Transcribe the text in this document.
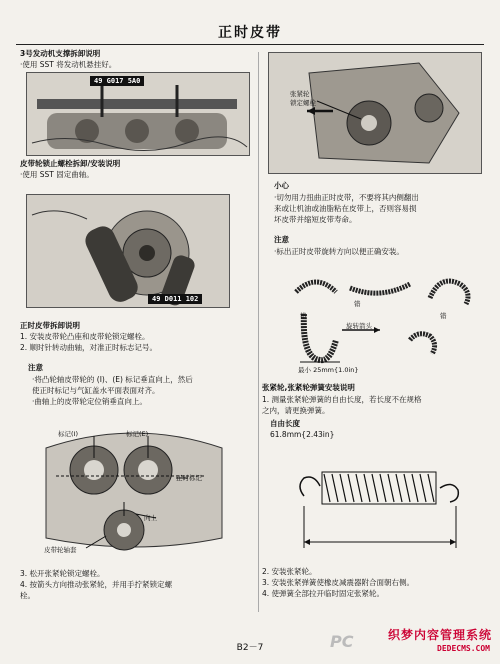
正时皮带
3号发动机支撑拆卸说明
·使用 SST 将发动机悬挂好。
49 G017 5A0
皮带轮锁止螺栓拆卸/安装说明
·使用 SST 固定曲轴。
49 D011 102
正时皮带拆卸说明
1. 安装皮带轮凸座和皮带轮锁定螺栓。
2. 顺时针转动曲轴，对准正时标志记号。
注意
·将凸轮轴皮带轮的 (I)、(E) 标记垂直向上，然后
使正时标记与气缸盖水平面表面对齐。
·曲轴上的皮带轮定位销垂直向上。
标记(I)	标记(E)
正时标记
向上
皮带轮轴套
3. 松开张紧轮锁定螺栓。
4. 按箭头方向推动张紧轮，并用手拧紧锁定螺
栓。
张紧轮
锁定螺栓
小心
·切勿用力扭曲正时皮带，不要将其内侧翻出
来或让机油或油脂粘在皮带上，否则容易损
坏皮带并缩短皮带寿命。
注意
·标出正时皮带旋转方向以便正确安装。
错
错
错
旋转箭头
最小 25mm{1.0in}
张紧轮,张紧轮弹簧安装说明
1. 测量张紧轮弹簧的自由长度，若长度不在规格
之内，请更换弹簧。
自由长度
61.8mm{2.43in}
2. 安装张紧轮。
3. 安装张紧弹簧使橡皮减震器附合面朝右侧。
4. 使弹簧全部拉开临时固定张紧轮。
B2－7	PC	织梦内容管理系统
DEDECMS.COM
